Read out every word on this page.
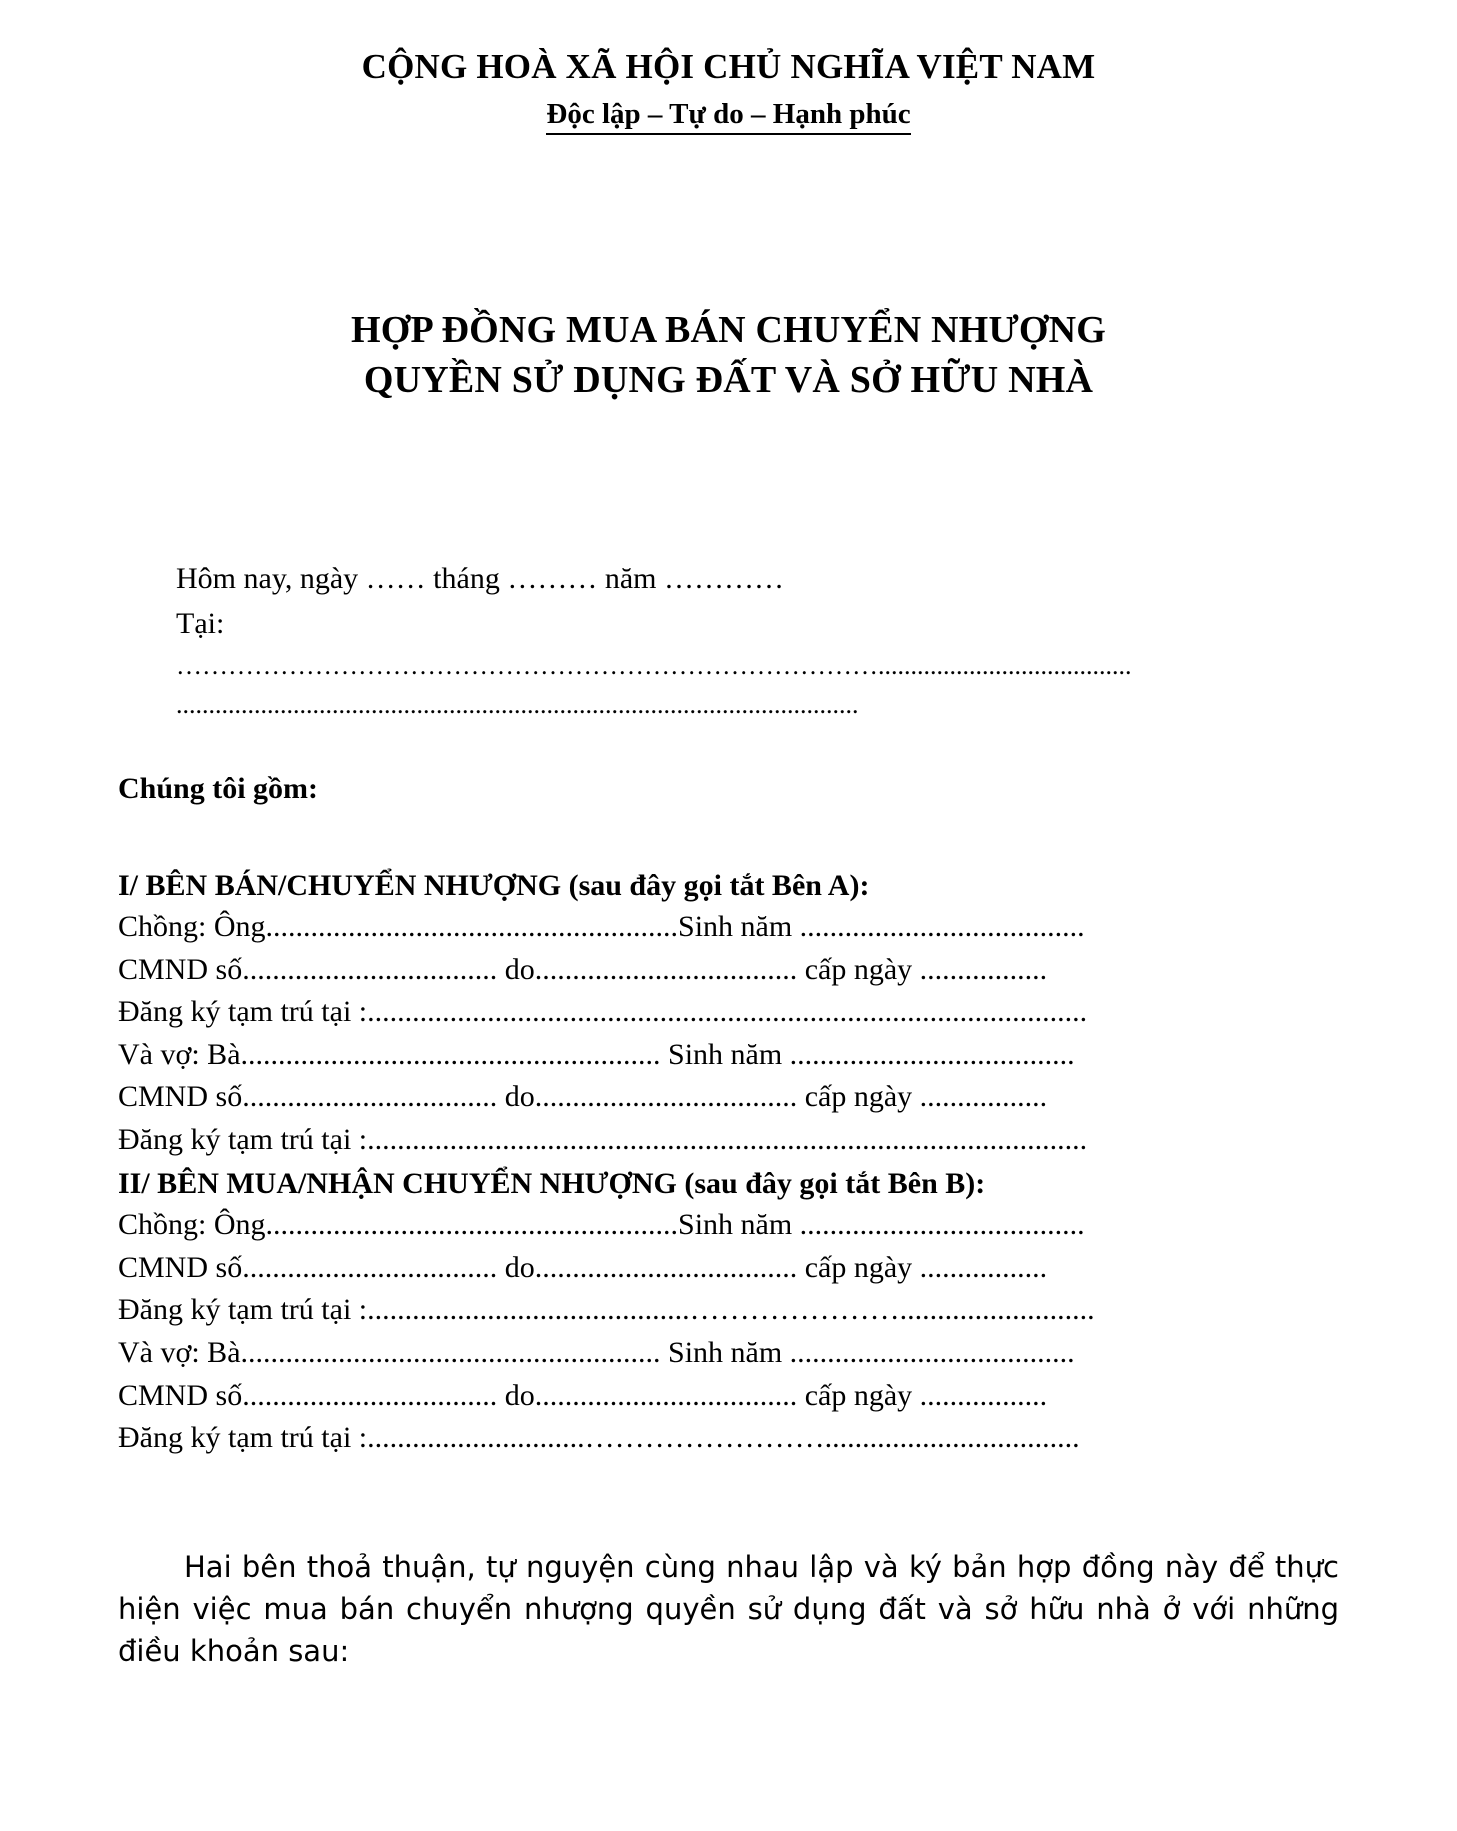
CỘNG HOÀ XÃ HỘI CHỦ NGHĨA VIỆT NAM
Độc lập – Tự do – Hạnh phúc
HỢP ĐỒNG MUA BÁN CHUYỂN NHƯỢNG
QUYỀN SỬ DỤNG ĐẤT VÀ SỞ HỮU NHÀ
Hôm nay, ngày …… tháng ……… năm …………
Tại:
……………………………………………………………………….......................................
.........................................................................................................
Chúng tôi gồm:
I/ BÊN BÁN/CHUYỂN NHƯỢNG (sau đây gọi tắt Bên A):
Chồng: Ông.......................................................Sinh năm ......................................
CMND số.................................. do................................... cấp ngày .................
Đăng ký tạm trú tại :................................................................................................
Và vợ: Bà........................................................ Sinh năm ......................................
CMND số.................................. do................................... cấp ngày .................
Đăng ký tạm trú tại :................................................................................................
II/ BÊN MUA/NHẬN CHUYỂN NHƯỢNG (sau đây gọi tắt Bên B):
Chồng: Ông.......................................................Sinh năm ......................................
CMND số.................................. do................................... cấp ngày .................
Đăng ký tạm trú tại :...........................................…………………..........................
Và vợ: Bà........................................................ Sinh năm ......................................
CMND số.................................. do................................... cấp ngày .................
Đăng ký tạm trú tại :.............................……………………..................................
Hai bên thoả thuận, tự nguyện cùng nhau lập và ký bản hợp đồng này để thực hiện việc mua bán chuyển nhượng quyền sử dụng đất và sở hữu nhà ở với những điều khoản sau:
